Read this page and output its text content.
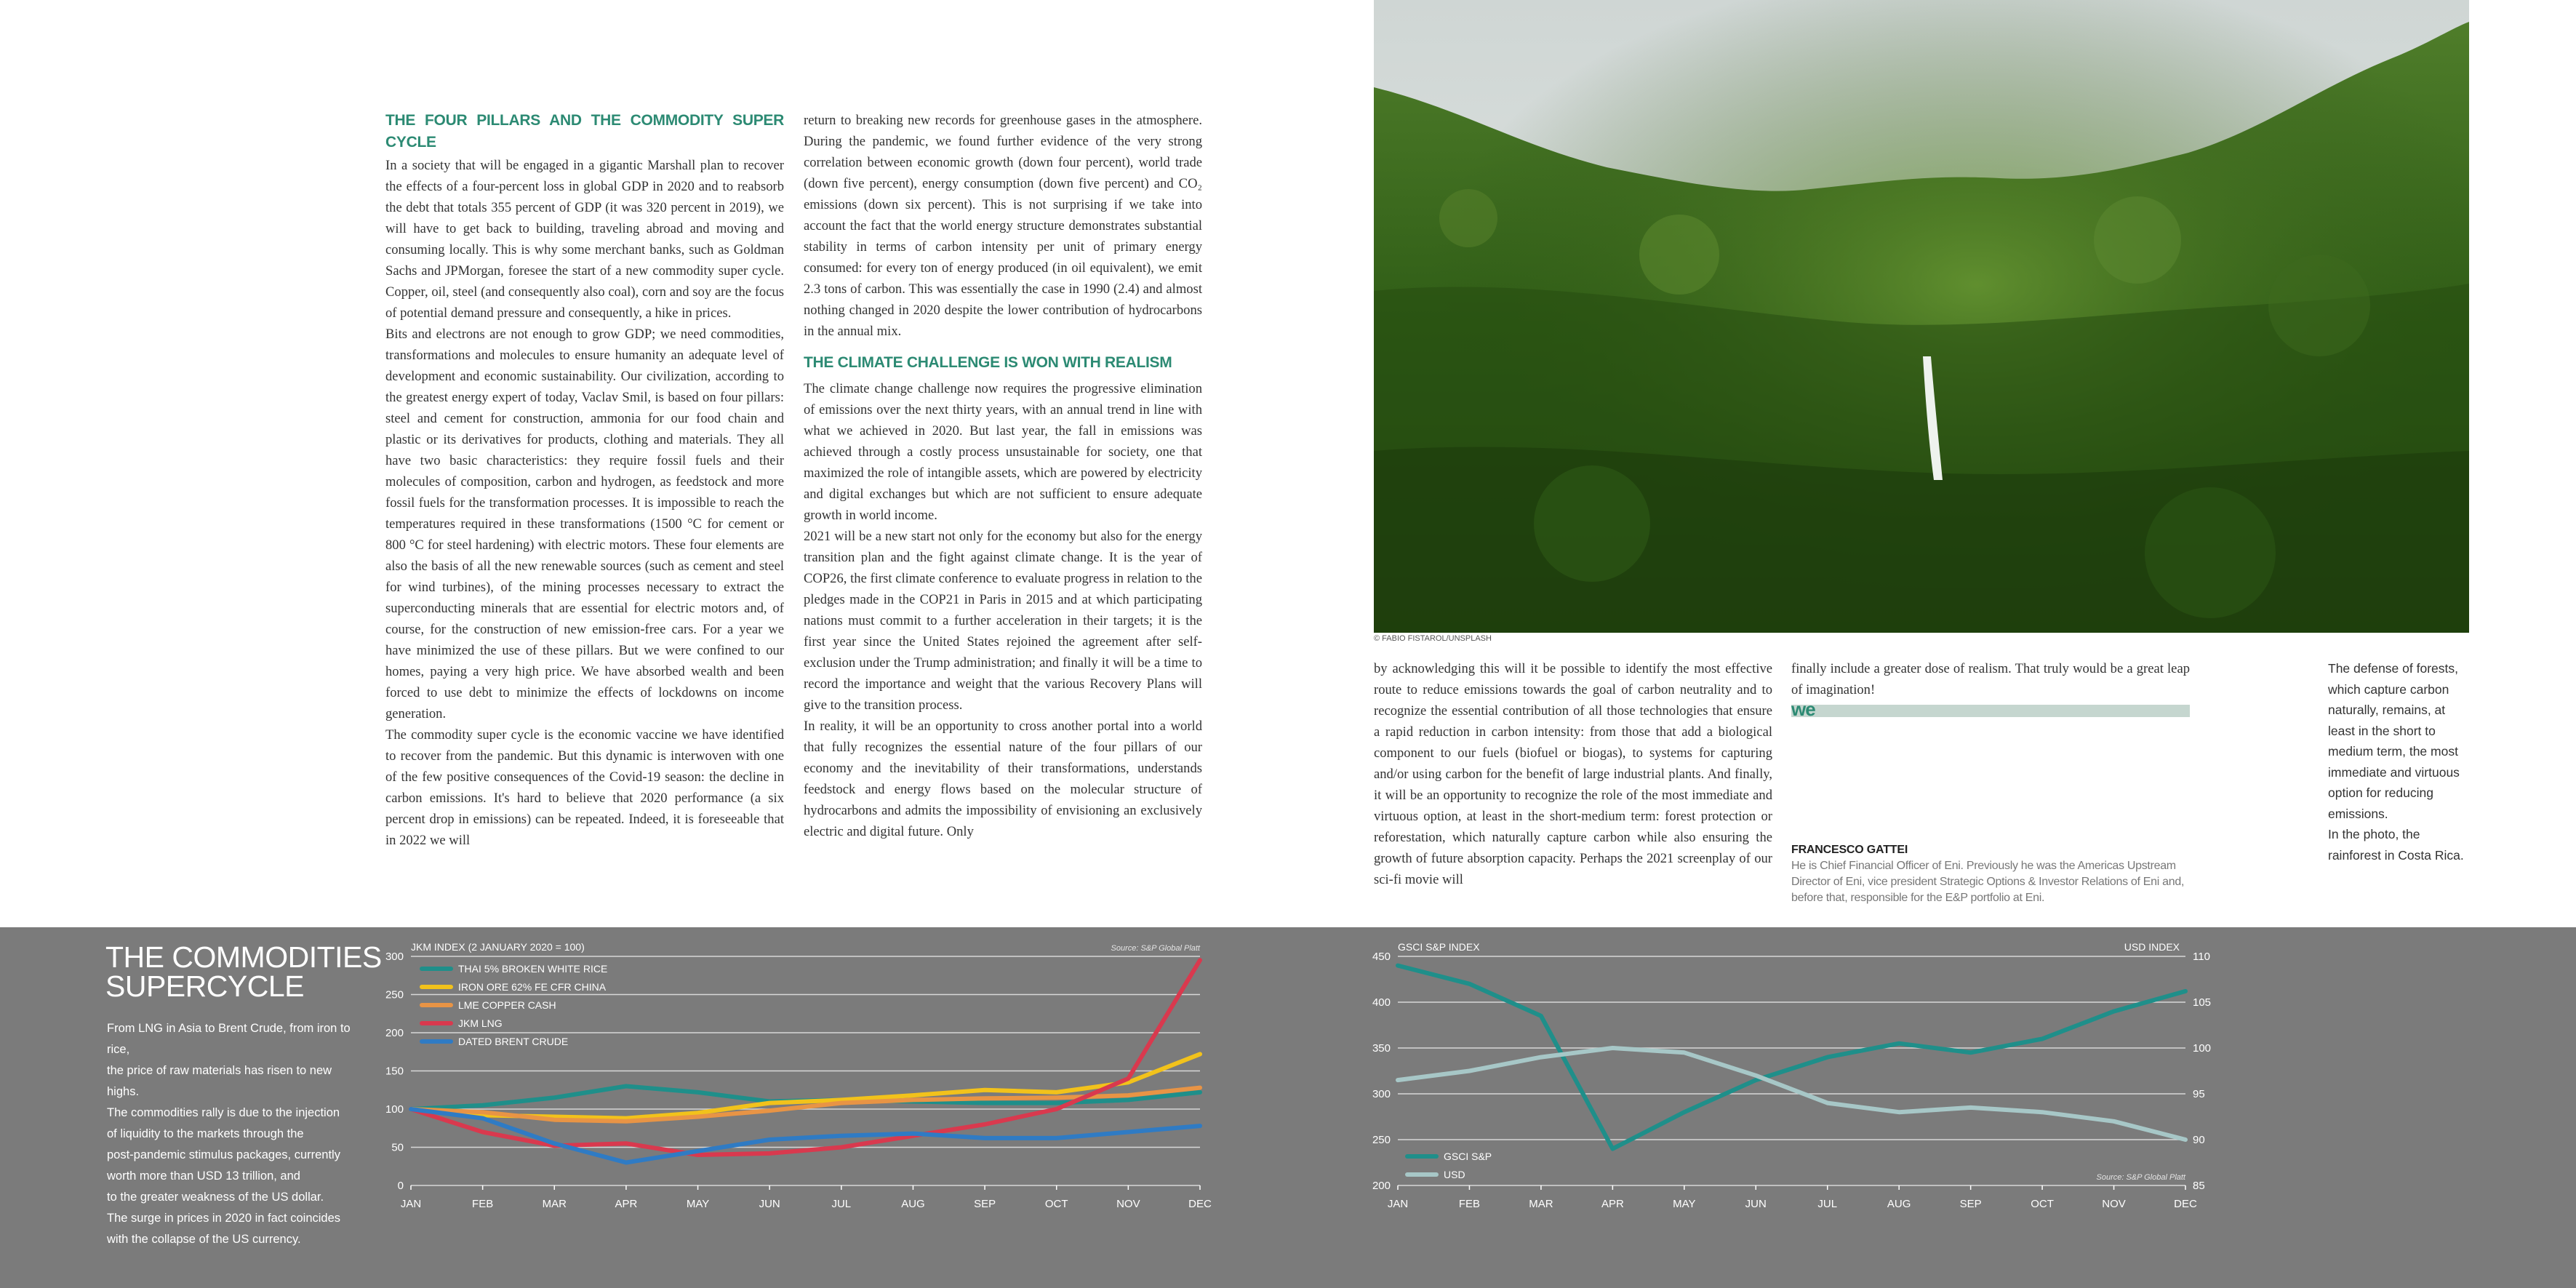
THE FOUR PILLARS AND THE COMMODITY SUPER CYCLE

In a society that will be engaged in a gigantic Marshall plan to recover the effects of a four-percent loss in global GDP in 2020 and to reabsorb the debt that totals 355 percent of GDP (it was 320 percent in 2019), we will have to get back to building, traveling abroad and moving and consuming locally. This is why some merchant banks, such as Goldman Sachs and JPMorgan, foresee the start of a new commodity super cycle. Copper, oil, steel (and consequently also coal), corn and soy are the focus of potential demand pressure and consequently, a hike in prices.

Bits and electrons are not enough to grow GDP; we need commodities, transformations and molecules to ensure humanity an adequate level of development and economic sustainability. Our civilization, according to the greatest energy expert of today, Vaclav Smil, is based on four pillars: steel and cement for construction, ammonia for our food chain and plastic or its derivatives for products, clothing and materials. They all have two basic characteristics: they require fossil fuels and their molecules of composition, carbon and hydrogen, as feedstock and more fossil fuels for the transformation processes. It is impossible to reach the temperatures required in these transformations (1500 °C for cement or 800 °C for steel hardening) with electric motors. These four elements are also the basis of all the new renewable sources (such as cement and steel for wind turbines), of the mining processes necessary to extract the superconducting minerals that are essential for electric motors and, of course, for the construction of new emission-free cars. For a year we have minimized the use of these pillars. But we were confined to our homes, paying a very high price. We have absorbed wealth and been forced to use debt to minimize the effects of lockdowns on income generation.

The commodity super cycle is the economic vaccine we have identified to recover from the pandemic. But this dynamic is interwoven with one of the few positive consequences of the Covid-19 season: the decline in carbon emissions. It's hard to believe that 2020 performance (a six percent drop in emissions) can be repeated. Indeed, it is foreseeable that in 2022 we will

return to breaking new records for greenhouse gases in the atmosphere. During the pandemic, we found further evidence of the very strong correlation between economic growth (down four percent), world trade (down five percent), energy consumption (down five percent) and CO₂ emissions (down six percent). This is not surprising if we take into account the fact that the world energy structure demonstrates substantial stability in terms of carbon intensity per unit of primary energy consumed: for every ton of energy produced (in oil equivalent), we emit 2.3 tons of carbon. This was essentially the case in 1990 (2.4) and almost nothing changed in 2020 despite the lower contribution of hydrocarbons in the annual mix.

THE CLIMATE CHALLENGE IS WON WITH REALISM

The climate change challenge now requires the progressive elimination of emissions over the next thirty years, with an annual trend in line with what we achieved in 2020. But last year, the fall in emissions was achieved through a costly process unsustainable for society, one that maximized the role of intangible assets, which are powered by electricity and digital exchanges but which are not sufficient to ensure adequate growth in world income.

2021 will be a new start not only for the economy but also for the energy transition plan and the fight against climate change. It is the year of COP26, the first climate conference to evaluate progress in relation to the pledges made in the COP21 in Paris in 2015 and at which participating nations must commit to a further acceleration in their targets; it is the first year since the United States rejoined the agreement after self-exclusion under the Trump administration; and finally it will be a time to record the importance and weight that the various Recovery Plans will give to the transition process.

In reality, it will be an opportunity to cross another portal into a world that fully recognizes the essential nature of the four pillars of our economy and the inevitability of their transformations, understands feedstock and energy flows based on the molecular structure of hydrocarbons and admits the impossibility of envisioning an exclusively electric and digital future. Only

by acknowledging this will it be possible to identify the most effective route to reduce emissions towards the goal of carbon neutrality and to recognize the essential contribution of all those technologies that ensure a rapid reduction in carbon intensity: from those that add a biological component to our fuels (biofuel or biogas), to systems for capturing and/or using carbon for the benefit of large industrial plants. And finally, it will be an opportunity to recognize the role of the most immediate and virtuous option, at least in the short-medium term: forest protection or reforestation, which naturally capture carbon while also ensuring the growth of future absorption capacity. Perhaps the 2021 screenplay of our sci-fi movie will

finally include a greater dose of realism. That truly would be a great leap of imagination!

we
FRANCESCO GATTEI
He is Chief Financial Officer of Eni. Previously he was the Americas Upstream Director of Eni, vice president Strategic Options & Investor Relations of Eni and, before that, responsible for the E&P portfolio at Eni.
© FABIO FISTAROL/UNSPLASH
The defense of forests, which capture carbon naturally, remains, at least in the short to medium term, the most immediate and virtuous option for reducing emissions.
In the photo, the rainforest in Costa Rica.
THE COMMODITIES
SUPERCYCLE
From LNG in Asia to Brent Crude, from iron to rice,
the price of raw materials has risen to new highs.
The commodities rally is due to the injection
of liquidity to the markets through the
post-pandemic stimulus packages, currently
worth more than USD 13 trillion, and
to the greater weakness of the US dollar.
The surge in prices in 2020 in fact coincides
with the collapse of the US currency.
0
50
100
150
200
250
300
JAN	FEB	MAR	APR	MAY	JUN	JUL	AUG	SEP	OCT	NOV	DEC
JKM INDEX (2 JANUARY 2020 = 100)	Source: S&P Global Platt
THAI 5% BROKEN WHITE RICE
IRON ORE 62% FE CFR CHINA
LME COPPER CASH
JKM LNG
DATED BRENT CRUDE
200
250
300
350
400
450
85
90
95
100
105
110
JAN	FEB	MAR	APR	MAY	JUN	JUL	AUG	SEP	OCT	NOV	DEC
GSCI S&P INDEX	USD INDEX
Source: S&P Global Platt
GSCI S&P
USD
